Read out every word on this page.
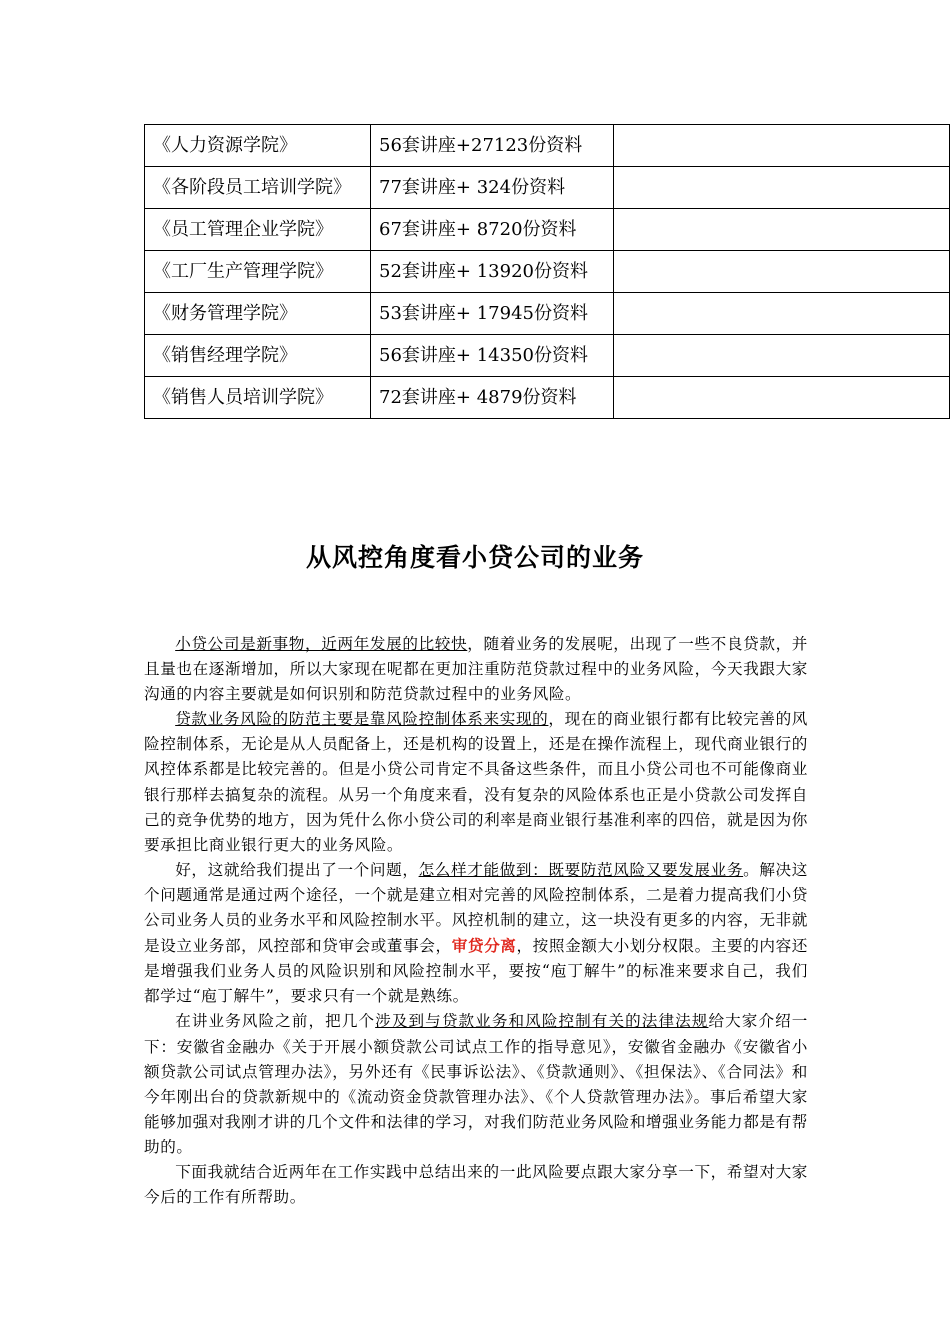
《人力资源学院》	56套讲座+27123份资料	
《各阶段员工培训学院》	77套讲座+ 324份资料	
《员工管理企业学院》	67套讲座+ 8720份资料	
《工厂生产管理学院》	52套讲座+ 13920份资料	
《财务管理学院》	53套讲座+ 17945份资料	
《销售经理学院》	56套讲座+ 14350份资料	
《销售人员培训学院》	72套讲座+ 4879份资料	
从风控角度看小贷公司的业务

小贷公司是新事物，近两年发展的比较快，随着业务的发展呢，出现了一些不良贷款，并且量也在逐渐增加，所以大家现在呢都在更加注重防范贷款过程中的业务风险，今天我跟大家沟通的内容主要就是如何识别和防范贷款过程中的业务风险。

贷款业务风险的防范主要是靠风险控制体系来实现的，现在的商业银行都有比较完善的风险控制体系，无论是从人员配备上，还是机构的设置上，还是在操作流程上，现代商业银行的风控体系都是比较完善的。但是小贷公司肯定不具备这些条件，而且小贷公司也不可能像商业银行那样去搞复杂的流程。从另一个角度来看，没有复杂的风险体系也正是小贷款公司发挥自己的竞争优势的地方，因为凭什么你小贷公司的利率是商业银行基准利率的四倍，就是因为你要承担比商业银行更大的业务风险。

好，这就给我们提出了一个问题，怎么样才能做到：既要防范风险又要发展业务。解决这个问题通常是通过两个途径，一个就是建立相对完善的风险控制体系，二是着力提高我们小贷公司业务人员的业务水平和风险控制水平。风控机制的建立，这一块没有更多的内容，无非就是设立业务部，风控部和贷审会或董事会，审贷分离，按照金额大小划分权限。主要的内容还是增强我们业务人员的风险识别和风险控制水平，要按“庖丁解牛”的标准来要求自己，我们都学过“庖丁解牛”，要求只有一个就是熟练。

在讲业务风险之前，把几个涉及到与贷款业务和风险控制有关的法律法规给大家介绍一下：安徽省金融办《关于开展小额贷款公司试点工作的指导意见》，安徽省金融办《安徽省小额贷款公司试点管理办法》，另外还有《民事诉讼法》、《贷款通则》、《担保法》、《合同法》和今年刚出台的贷款新规中的《流动资金贷款管理办法》、《个人贷款管理办法》。事后希望大家能够加强对我刚才讲的几个文件和法律的学习，对我们防范业务风险和增强业务能力都是有帮助的。

下面我就结合近两年在工作实践中总结出来的一此风险要点跟大家分享一下，希望对大家今后的工作有所帮助。
